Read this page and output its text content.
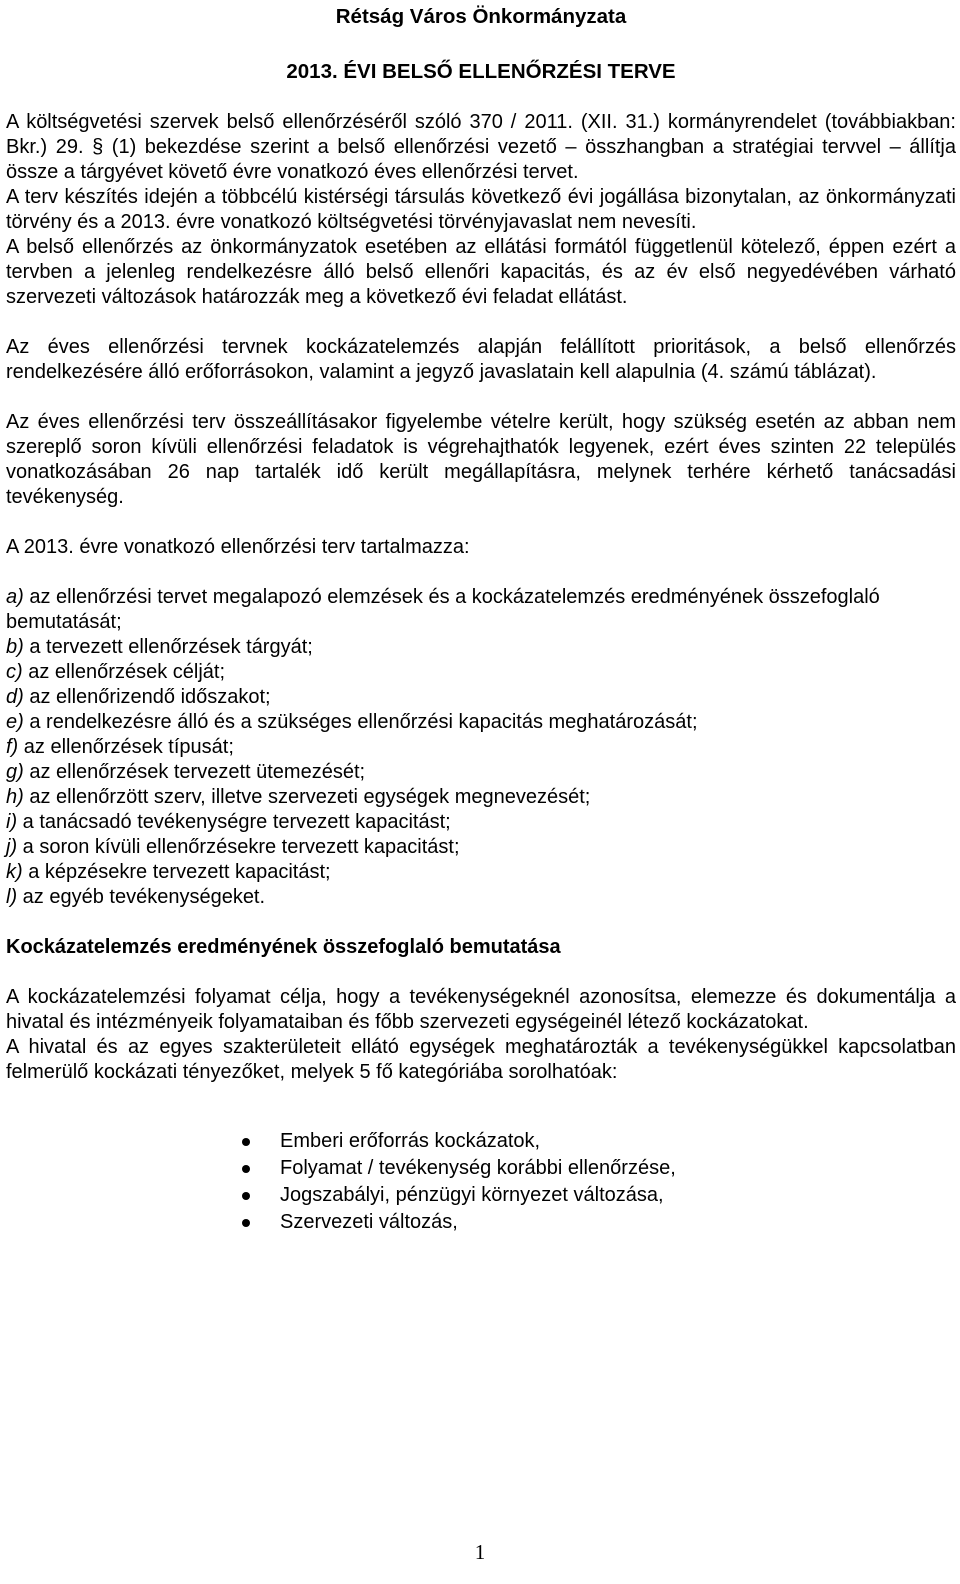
Rétság Város Önkormányzata

2013. ÉVI BELSŐ ELLENŐRZÉSI TERVE

A költségvetési szervek belső ellenőrzéséről szóló 370 / 2011. (XII. 31.) kormányrendelet (továbbiakban: Bkr.) 29. § (1) bekezdése szerint a belső ellenőrzési vezető – összhangban a stratégiai tervvel – állítja össze a tárgyévet követő évre vonatkozó éves ellenőrzési tervet.

A terv készítés idején a többcélú kistérségi társulás következő évi jogállása bizonytalan, az önkormányzati törvény és a 2013. évre vonatkozó költségvetési törvényjavaslat nem nevesíti.

A belső ellenőrzés az önkormányzatok esetében az ellátási formától függetlenül kötelező, éppen ezért a tervben a jelenleg rendelkezésre álló belső ellenőri kapacitás, és az év első negyedévében várható szervezeti változások határozzák meg a következő évi feladat ellátást.

Az éves ellenőrzési tervnek kockázatelemzés alapján felállított prioritások, a belső ellenőrzés rendelkezésére álló erőforrásokon, valamint a jegyző javaslatain kell alapulnia (4. számú táblázat).

Az éves ellenőrzési terv összeállításakor figyelembe vételre került, hogy szükség esetén az abban nem szereplő soron kívüli ellenőrzési feladatok is végrehajthatók legyenek, ezért éves szinten 22 település vonatkozásában 26 nap tartalék idő került megállapításra, melynek terhére kérhető tanácsadási tevékenység.

A 2013. évre vonatkozó ellenőrzési terv tartalmazza:

a) az ellenőrzési tervet megalapozó elemzések és a kockázatelemzés eredményének összefoglaló bemutatását;

b) a tervezett ellenőrzések tárgyát;

c) az ellenőrzések célját;

d) az ellenőrizendő időszakot;

e) a rendelkezésre álló és a szükséges ellenőrzési kapacitás meghatározását;

f) az ellenőrzések típusát;

g) az ellenőrzések tervezett ütemezését;

h) az ellenőrzött szerv, illetve szervezeti egységek megnevezését;

i) a tanácsadó tevékenységre tervezett kapacitást;

j) a soron kívüli ellenőrzésekre tervezett kapacitást;

k) a képzésekre tervezett kapacitást;

l) az egyéb tevékenységeket.

Kockázatelemzés eredményének összefoglaló bemutatása

A kockázatelemzési folyamat célja, hogy a tevékenységeknél azonosítsa, elemezze és dokumentálja a hivatal és intézményeik folyamataiban és főbb szervezeti egységeinél létező kockázatokat.

A hivatal és az egyes szakterületeit ellátó egységek meghatározták a tevékenységükkel kapcsolatban felmerülő kockázati tényezőket, melyek 5 fő kategóriába sorolhatóak:

Emberi erőforrás kockázatok,
Folyamat / tevékenység korábbi ellenőrzése,
Jogszabályi, pénzügyi környezet változása,
Szervezeti változás,
1
